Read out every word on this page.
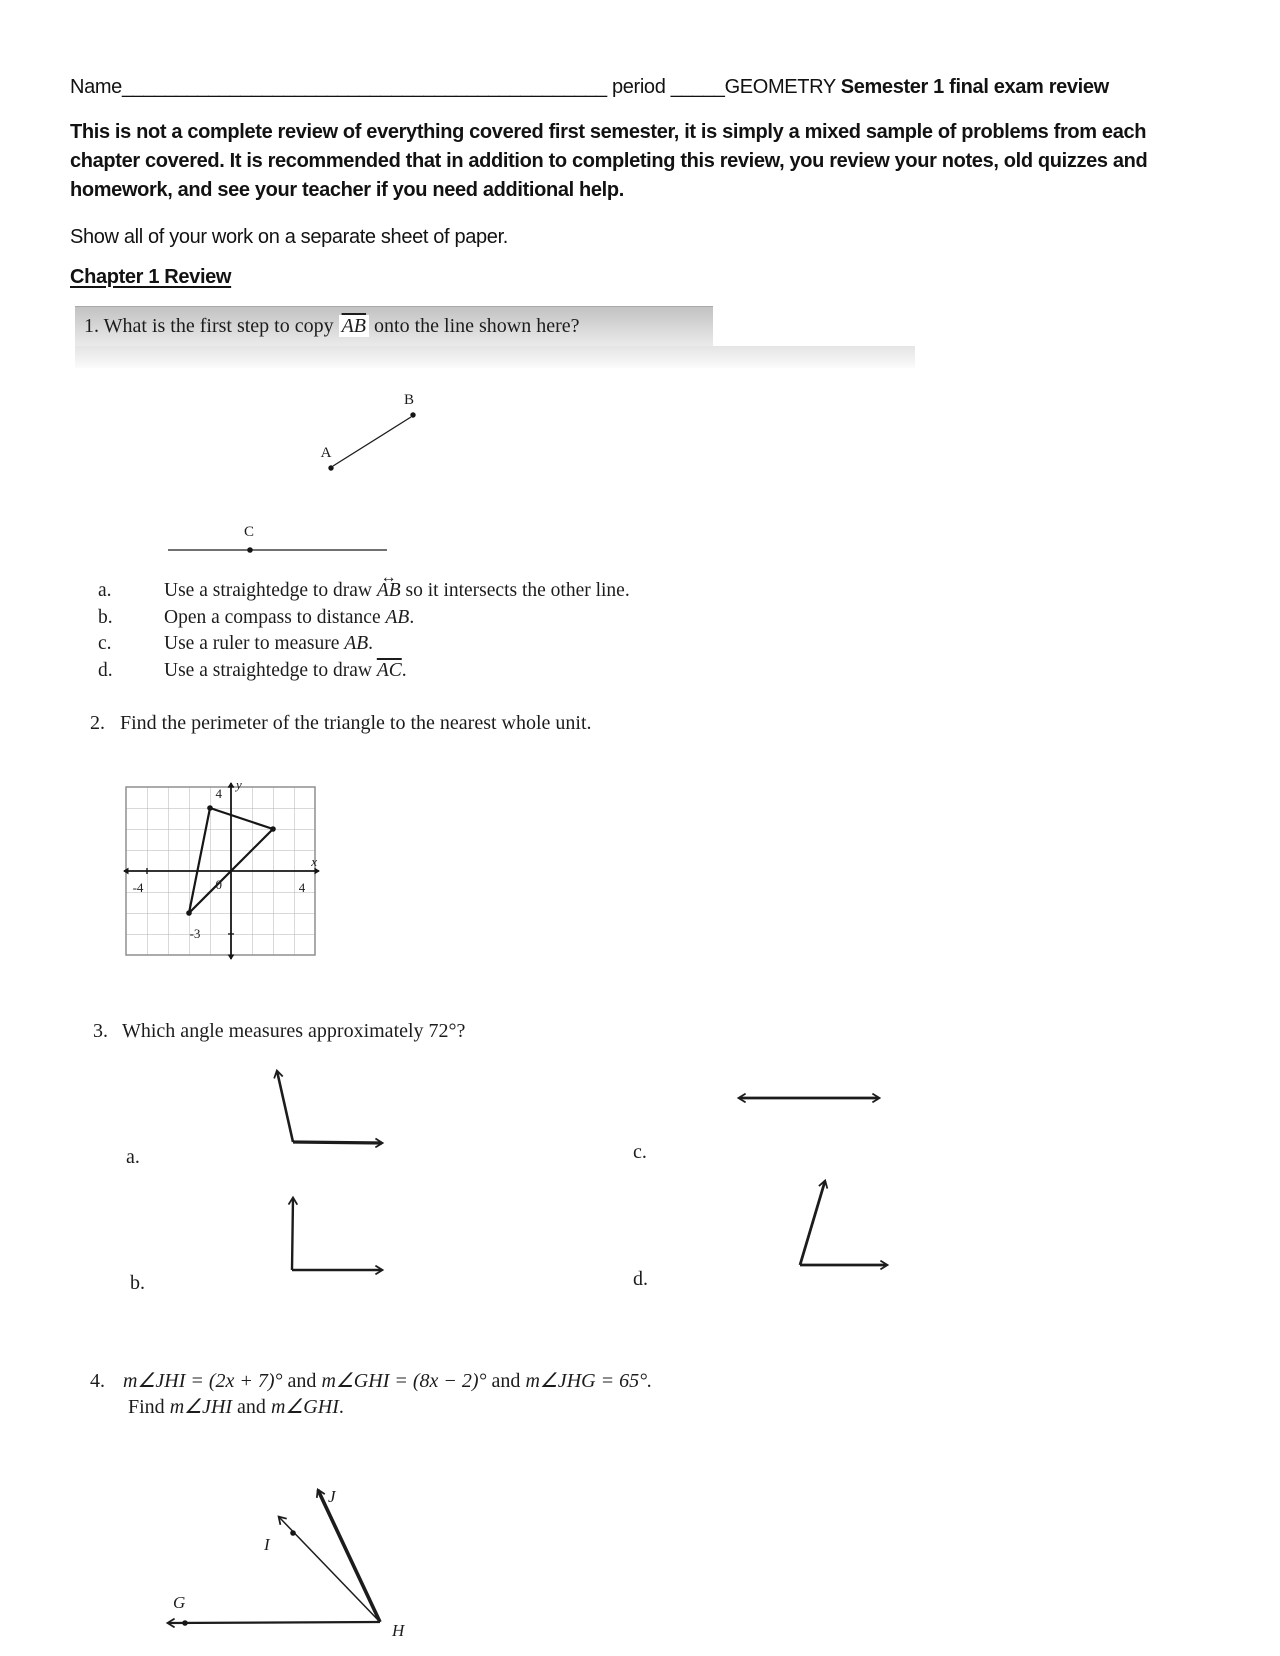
Name_____________________________________________ period _____GEOMETRY Semester 1 final exam review
This is not a complete review of everything covered first semester, it is simply a mixed sample of problems from each
chapter covered. It is recommended that in addition to completing this review, you review your notes, old quizzes and
homework, and see your teacher if you need additional help.
Show all of your work on a separate sheet of paper.
Chapter 1 Review
1. What is the first step to copy $\overline{AB}$ onto the line shown here?
A
B
C
a.	Use a straightedge to draw ↔ AB so it intersects the other line.
b.	Open a compass to distance AB.
c.	Use a ruler to measure AB.
d.	Use a straightedge to draw $\overline{AC}$.
2. Find the perimeter of the triangle to the nearest whole unit.
4
y
-4	4
x
0
-3
3. Which angle measures approximately 72°?
a.
b.
c.
d.
4. m∠JHI = (2x + 7)° and m∠GHI = (8x − 2)° and m∠JHG = 65°.
Find m∠JHI and m∠GHI.
G
J
I
H
